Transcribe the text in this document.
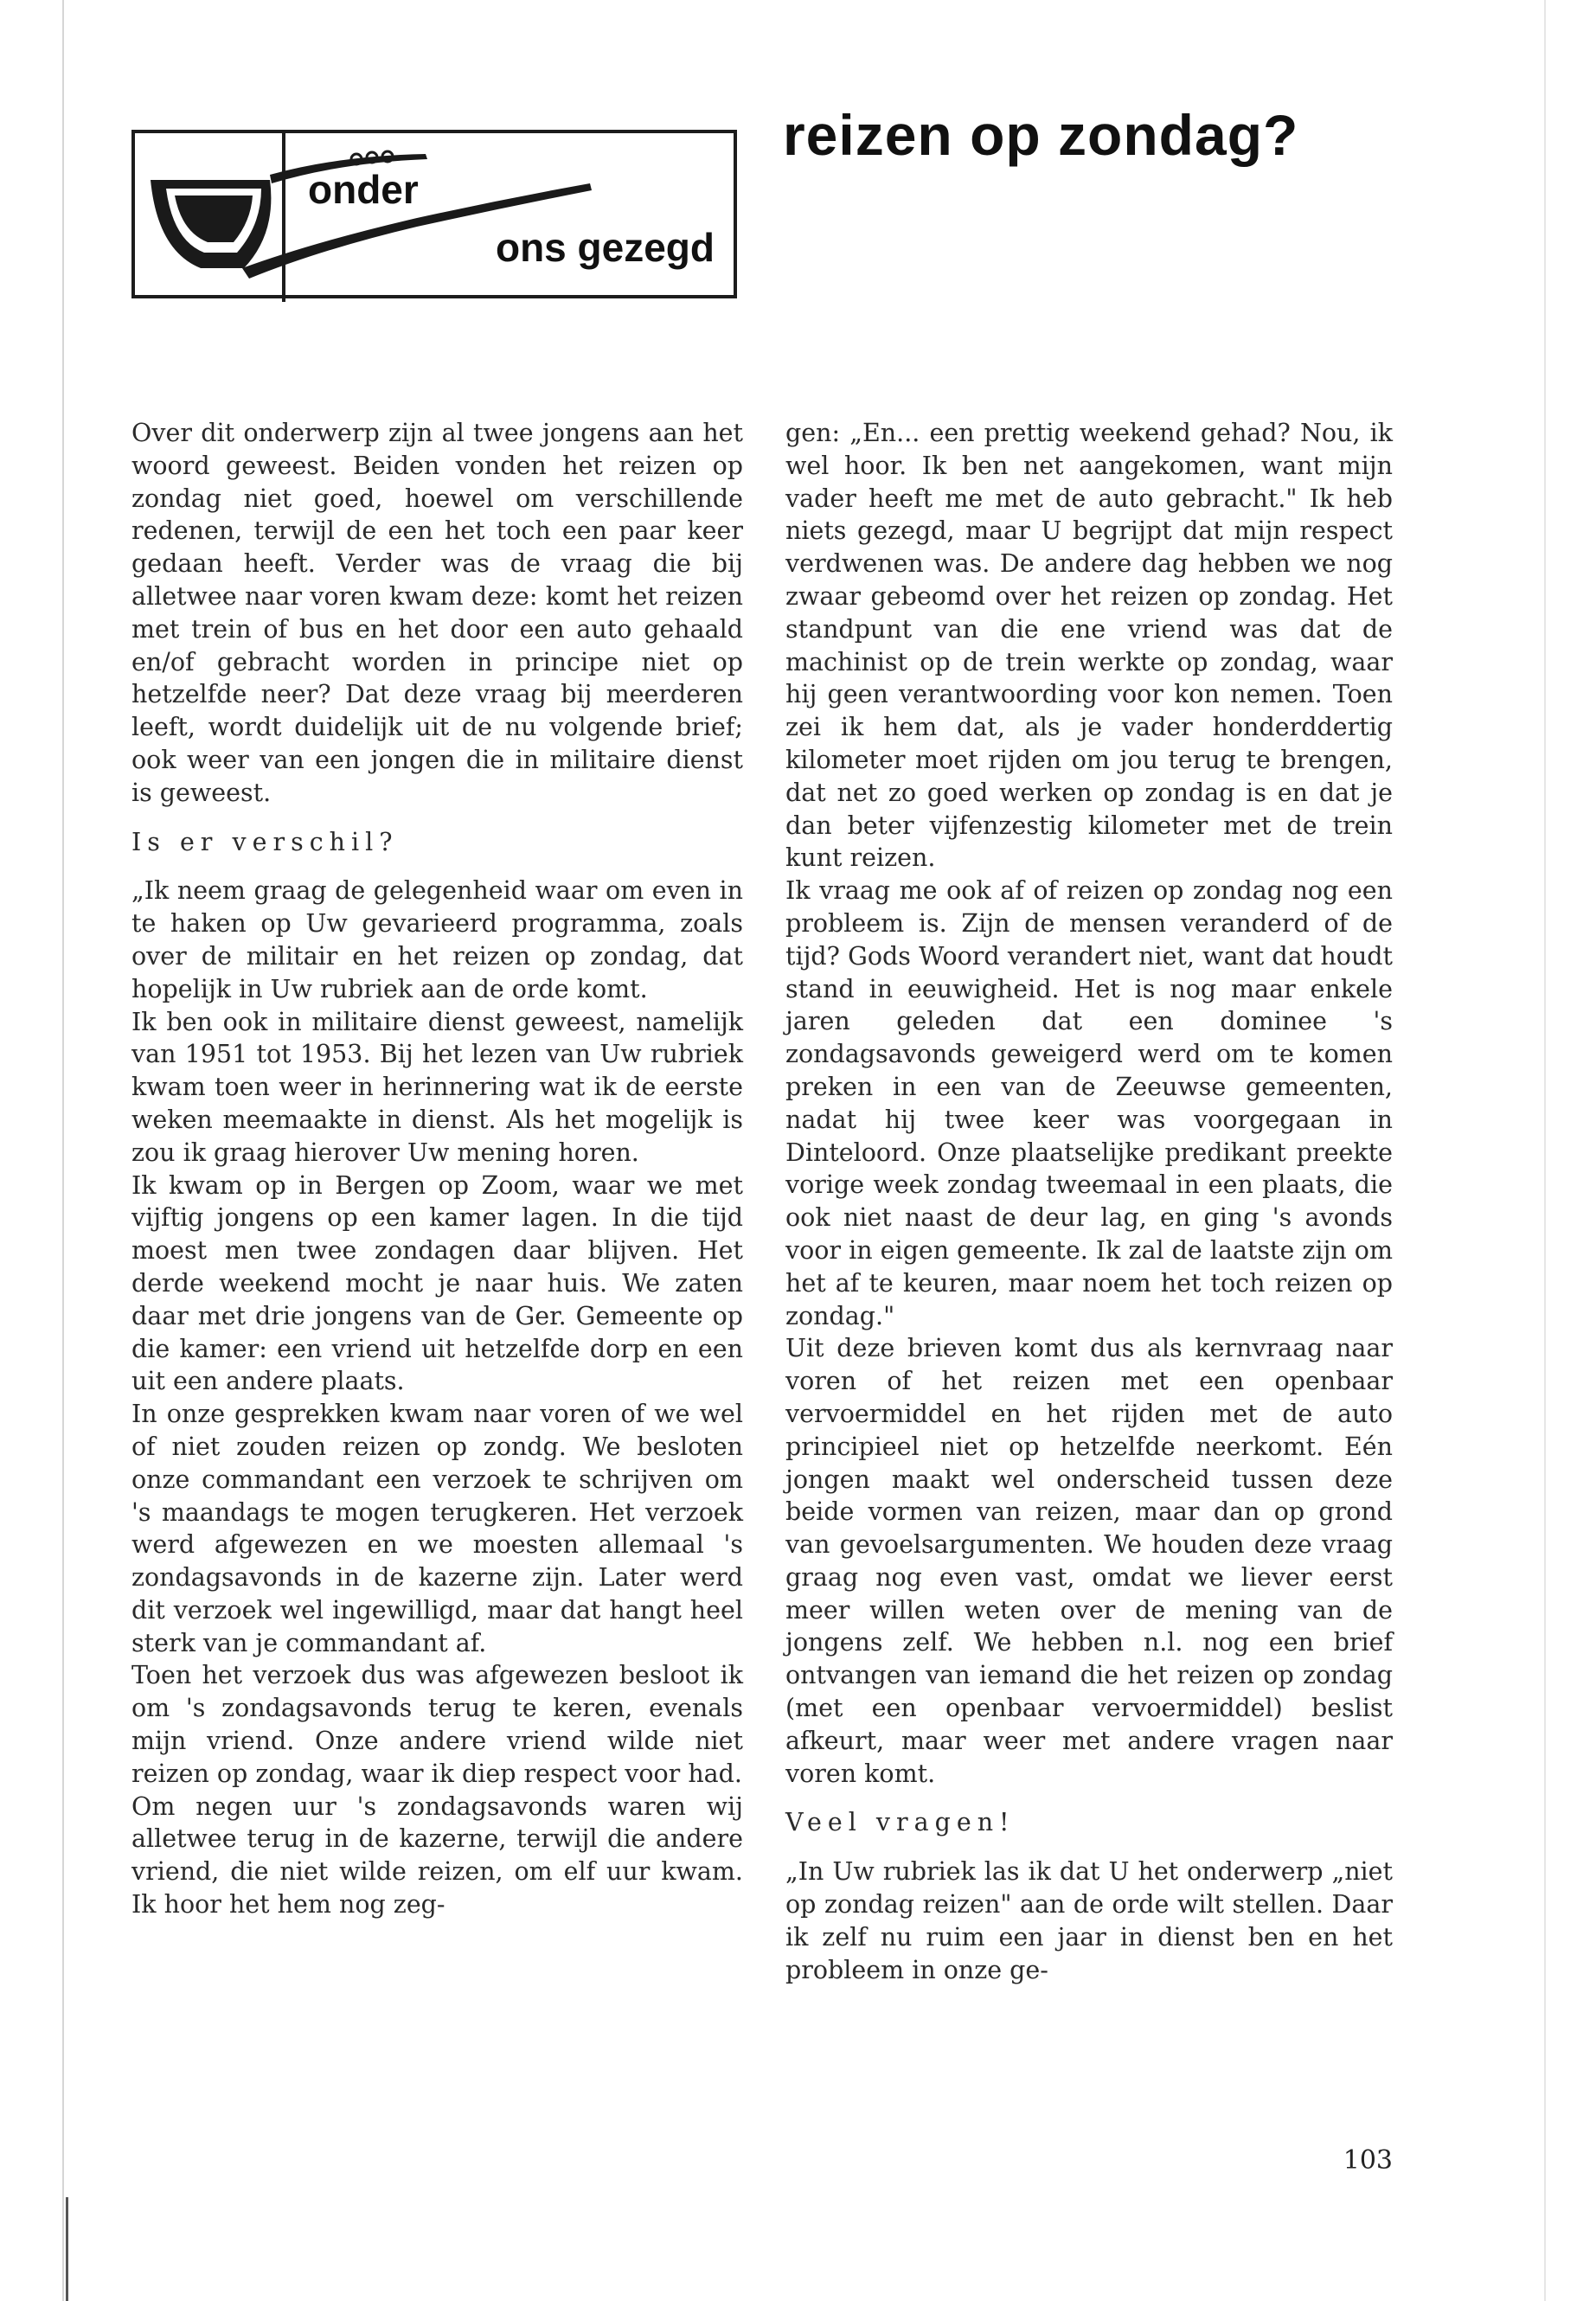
onder
ons gezegd
reizen op zondag?

Over dit onderwerp zijn al twee jongens aan het woord geweest. Beiden vonden het reizen op zondag niet goed, hoewel om verschillende redenen, terwijl de een het toch een paar keer gedaan heeft. Verder was de vraag die bij alletwee naar voren kwam deze: komt het reizen met trein of bus en het door een auto gehaald en/of gebracht worden in principe niet op hetzelfde neer? Dat deze vraag bij meerderen leeft, wordt duidelijk uit de nu volgende brief; ook weer van een jongen die in militaire dienst is geweest.

Is er verschil?

„Ik neem graag de gelegenheid waar om even in te haken op Uw gevarieerd programma, zoals over de militair en het reizen op zondag, dat hopelijk in Uw rubriek aan de orde komt.

Ik ben ook in militaire dienst geweest, namelijk van 1951 tot 1953. Bij het lezen van Uw rubriek kwam toen weer in herinnering wat ik de eerste weken meemaakte in dienst. Als het mogelijk is zou ik graag hierover Uw mening horen.

Ik kwam op in Bergen op Zoom, waar we met vijftig jongens op een kamer lagen. In die tijd moest men twee zondagen daar blijven. Het derde weekend mocht je naar huis. We zaten daar met drie jongens van de Ger. Gemeente op die kamer: een vriend uit hetzelfde dorp en een uit een andere plaats.

In onze gesprekken kwam naar voren of we wel of niet zouden reizen op zondg. We besloten onze commandant een verzoek te schrijven om 's maandags te mogen terugkeren. Het verzoek werd afgewezen en we moesten allemaal 's zondagsavonds in de kazerne zijn. Later werd dit verzoek wel ingewilligd, maar dat hangt heel sterk van je commandant af.

Toen het verzoek dus was afgewezen besloot ik om 's zondagsavonds terug te keren, evenals mijn vriend. Onze andere vriend wilde niet reizen op zondag, waar ik diep respect voor had.

Om negen uur 's zondagsavonds waren wij alletwee terug in de kazerne, terwijl die andere vriend, die niet wilde reizen, om elf uur kwam. Ik hoor het hem nog zeg-

gen: „En... een prettig weekend gehad? Nou, ik wel hoor. Ik ben net aangekomen, want mijn vader heeft me met de auto gebracht." Ik heb niets gezegd, maar U begrijpt dat mijn respect verdwenen was. De andere dag hebben we nog zwaar gebeomd over het reizen op zondag. Het standpunt van die ene vriend was dat de machinist op de trein werkte op zondag, waar hij geen verantwoording voor kon nemen. Toen zei ik hem dat, als je vader honderddertig kilometer moet rijden om jou terug te brengen, dat net zo goed werken op zondag is en dat je dan beter vijfenzestig kilometer met de trein kunt reizen.

Ik vraag me ook af of reizen op zondag nog een probleem is. Zijn de mensen veranderd of de tijd? Gods Woord verandert niet, want dat houdt stand in eeuwigheid. Het is nog maar enkele jaren geleden dat een dominee 's zondagsavonds geweigerd werd om te komen preken in een van de Zeeuwse gemeenten, nadat hij twee keer was voorgegaan in Dinteloord. Onze plaatselijke predikant preekte vorige week zondag tweemaal in een plaats, die ook niet naast de deur lag, en ging 's avonds voor in eigen gemeente. Ik zal de laatste zijn om het af te keuren, maar noem het toch reizen op zondag."

Uit deze brieven komt dus als kernvraag naar voren of het reizen met een openbaar vervoermiddel en het rijden met de auto principieel niet op hetzelfde neerkomt. Eén jongen maakt wel onderscheid tussen deze beide vormen van reizen, maar dan op grond van gevoelsargumenten. We houden deze vraag graag nog even vast, omdat we liever eerst meer willen weten over de mening van de jongens zelf. We hebben n.l. nog een brief ontvangen van iemand die het reizen op zondag (met een openbaar vervoermiddel) beslist afkeurt, maar weer met andere vragen naar voren komt.

Veel vragen!

„In Uw rubriek las ik dat U het onderwerp „niet op zondag reizen" aan de orde wilt stellen. Daar ik zelf nu ruim een jaar in dienst ben en het probleem in onze ge-

103
